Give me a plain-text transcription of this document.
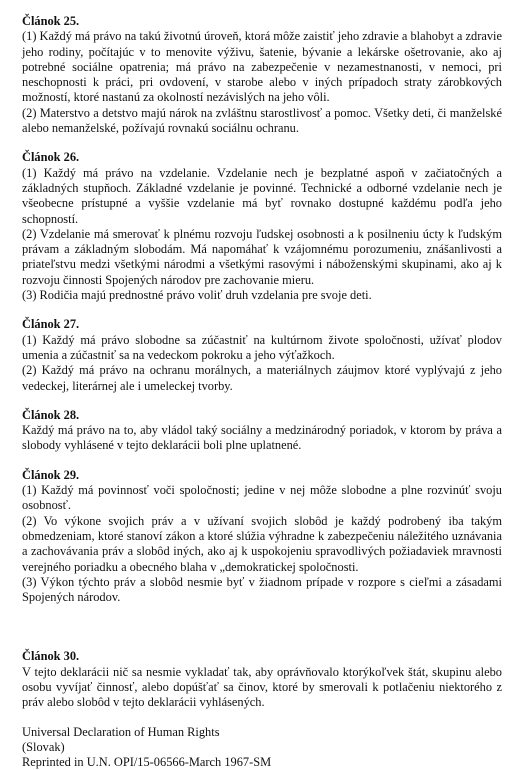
Článok 25.

(1) Každý má právo na takú životnú úroveň, ktorá môže zaistiť jeho zdravie a blahobyt a zdravie jeho rodiny, počítajúc v to menovite výživu, šatenie, bývanie a lekárske ošetrovanie, ako aj potrebné sociálne opatrenia; má právo na zabezpečenie v nezamestnanosti, v nemoci, pri neschopnosti k práci, pri ovdovení, v starobe alebo v iných prípadoch straty zárobkových možností, ktoré nastanú za okolností nezávislých na jeho vôli.

(2) Materstvo a detstvo majú nárok na zvláštnu starostlivosť a pomoc. Všetky deti, či manželské alebo nemanželské, požívajú rovnakú sociálnu ochranu.

Článok 26.

(1) Každý má právo na vzdelanie. Vzdelanie nech je bezplatné aspoň v začiatočných a základných stupňoch. Základné vzdelanie je povinné. Technické a odborné vzdelanie nech je všeobecne prístupné a vyššie vzdelanie má byť rovnako dostupné každému podľa jeho schopností.

(2) Vzdelanie má smerovať k plnému rozvoju ľudskej osobnosti a k posilneniu úcty k ľudským právam a základným slobodám. Má napomáhať k vzájomnému porozumeniu, znášanlivosti a priateľstvu medzi všetkými národmi a všetkými rasovými i náboženskými skupinami, ako aj k rozvoju činnosti Spojených národov pre zachovanie mieru.

(3) Rodičia majú prednostné právo voliť druh vzdelania pre svoje deti.

Článok 27.

(1) Každý má právo slobodne sa zúčastniť na kultúrnom živote spoločnosti, užívať plodov umenia a zúčastniť sa na vedeckom pokroku a jeho výťažkoch.

(2) Každý má právo na ochranu morálnych, a materiálnych záujmov ktoré vyplývajú z jeho vedeckej, literárnej ale i umeleckej tvorby.

Článok 28.

Každý má právo na to, aby vládol taký sociálny a medzinárodný poriadok, v ktorom by práva a slobody vyhlásené v tejto deklarácii boli plne uplatnené.

Článok 29.

(1) Každý má povinnosť voči spoločnosti; jedine v nej môže slobodne a plne rozvinúť svoju osobnosť.

(2) Vo výkone svojich práv a v užívaní svojich slobôd je každý podrobený iba takým obmedzeniam, ktoré stanoví zákon a ktoré slúžia výhradne k zabezpečeniu náležitého uznávania a zachovávania práv a slobôd iných, ako aj k uspokojeniu spravodlivých požiadaviek mravnosti verejného poriadku a obecného blaha v „demokratickej spoločnosti.

(3) Výkon týchto práv a slobôd nesmie byť v žiadnom prípade v rozpore s cieľmi a zásadami Spojených národov.

Článok 30.

V tejto deklarácii nič sa nesmie vykladať tak, aby oprávňovalo ktorýkoľvek štát, skupinu alebo osobu vyvíjať činnosť, alebo dopúšťať sa činov, ktoré by smerovali k potlačeniu niektorého z práv alebo slobôd v tejto deklarácii vyhlásených.

Universal Declaration of Human Rights
(Slovak)
Reprinted in U.N. OPI/15-06566-March 1967-SM
